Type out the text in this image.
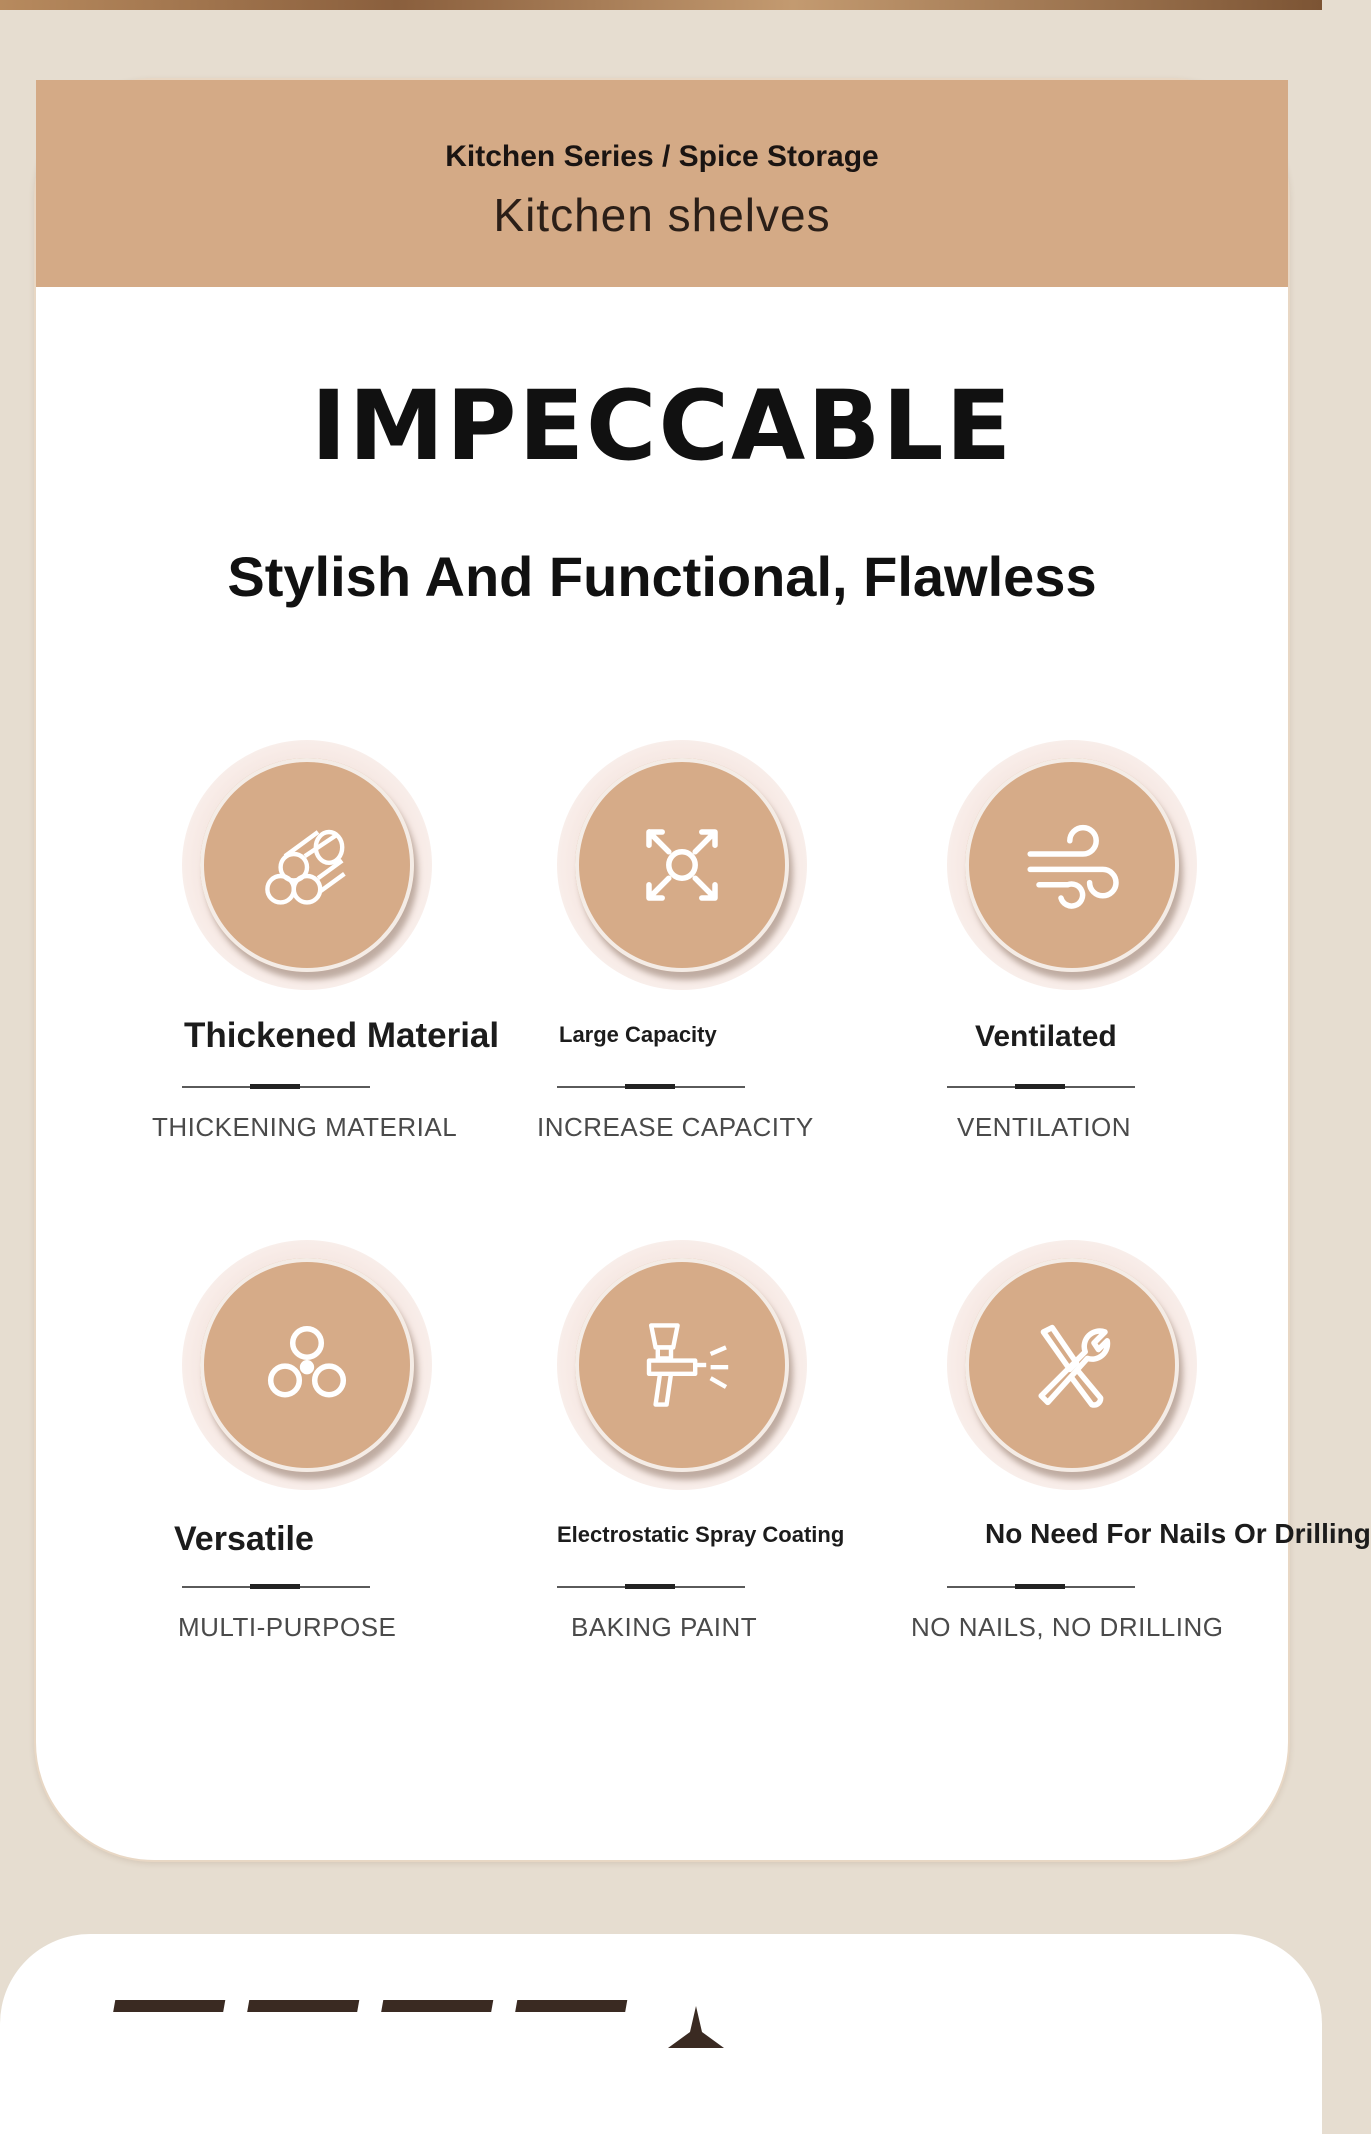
Kitchen Series / Spice Storage
Kitchen shelves
IMPECCABLE
Stylish And Functional, Flawless
Thickened Material
THICKENING MATERIAL
Large Capacity
INCREASE CAPACITY
Ventilated
VENTILATION
Versatile
MULTI-PURPOSE
Electrostatic Spray Coating
BAKING PAINT
No Need For Nails Or Drilling
NO NAILS, NO DRILLING
